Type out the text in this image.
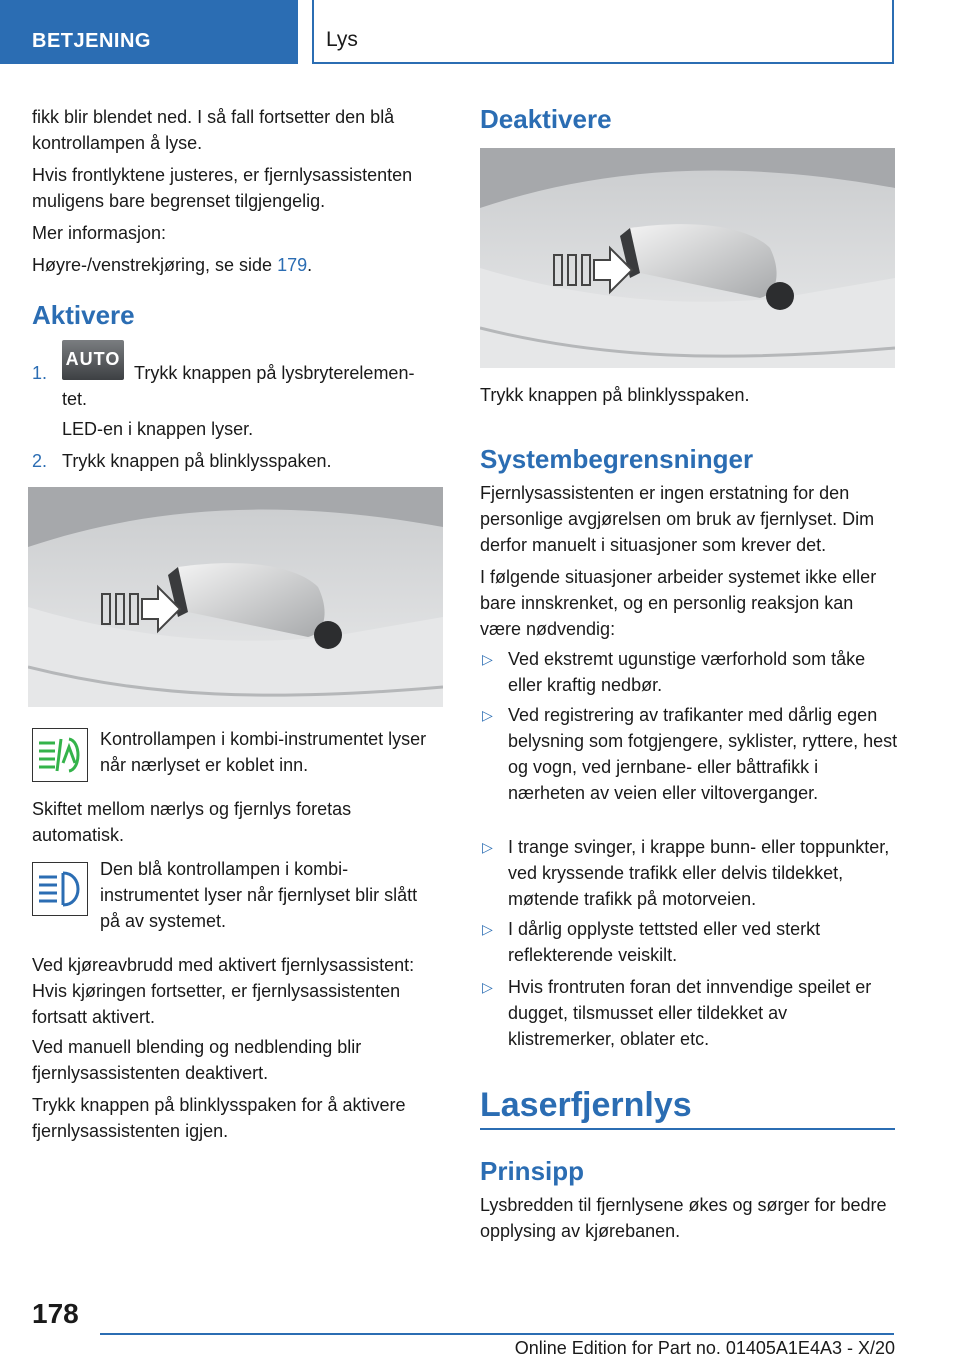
BETJENING	Lys

fikk blir blendet ned. I så fall fortsetter den blå kontrollampen å lyse.

Hvis frontlyktene justeres, er fjernlysassistenten muligens bare begrenset tilgjengelig.

Mer informasjon:

Høyre-/venstrekjøring, se side 179.

Aktivere
1.
AUTO

Trykk knappen på lysbryterelemen-

tet.

LED-en i knappen lyser.

2. Trykk knappen på blinklysspaken.

Kontrollampen i kombi-instrumentet lyser når nærlyset er koblet inn.

Skiftet mellom nærlys og fjernlys foretas automatisk.

Den blå kontrollampen i kombi-instrumentet lyser når fjernlyset blir slått på av systemet.

Ved kjøreavbrudd med aktivert fjernlysassistent: Hvis kjøringen fortsetter, er fjernlysassistenten fortsatt aktivert.

Ved manuell blending og nedblending blir fjernlysassistenten deaktivert.

Trykk knappen på blinklysspaken for å aktivere fjernlysassistenten igjen.

Deaktivere

Trykk knappen på blinklysspaken.

Systembegrensninger

Fjernlysassistenten er ingen erstatning for den personlige avgjørelsen om bruk av fjernlyset. Dim derfor manuelt i situasjoner som krever det.

I følgende situasjoner arbeider systemet ikke eller bare innskrenket, og en personlig reaksjon kan være nødvendig:

▷ Ved ekstremt ugunstige værforhold som tåke eller kraftig nedbør.

▷ Ved registrering av trafikanter med dårlig egen belysning som fotgjengere, syklister, ryttere, hest og vogn, ved jernbane- eller båttrafikk i nærheten av veien eller viltoverganger.

▷ I trange svinger, i krappe bunn- eller toppunkter, ved kryssende trafikk eller delvis tildekket, møtende trafikk på motorveien.

▷ I dårlig opplyste tettsted eller ved sterkt reflekterende veiskilt.

▷ Hvis frontruten foran det innvendige speilet er dugget, tilsmusset eller tildekket av klistremerker, oblater etc.

Laserfjernlys
Prinsipp

Lysbredden til fjernlysene økes og sørger for bedre opplysing av kjørebanen.

178
Online Edition for Part no. 01405A1E4A3 - X/20
